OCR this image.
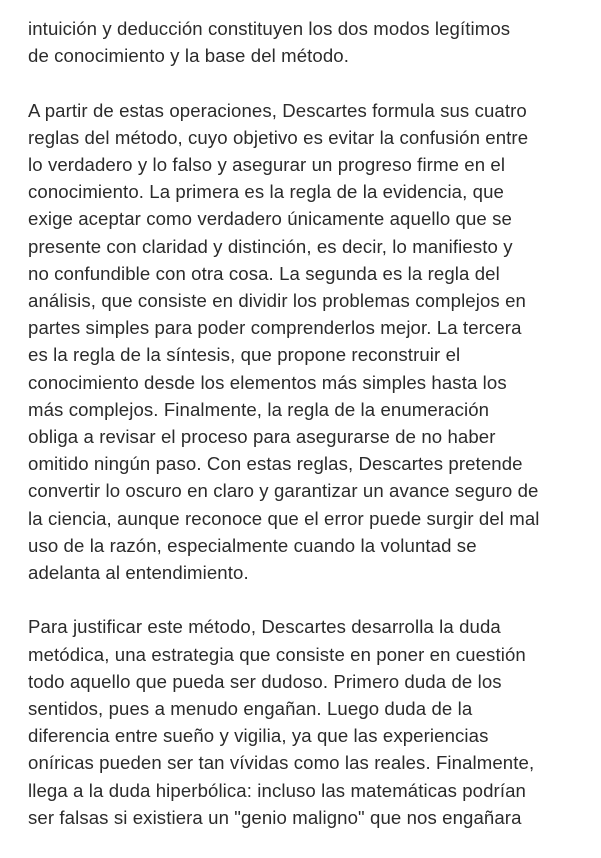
intuición y deducción constituyen los dos modos legítimos
de conocimiento y la base del método.

A partir de estas operaciones, Descartes formula sus cuatro
reglas del método, cuyo objetivo es evitar la confusión entre
lo verdadero y lo falso y asegurar un progreso firme en el
conocimiento. La primera es la regla de la evidencia, que
exige aceptar como verdadero únicamente aquello que se
presente con claridad y distinción, es decir, lo manifiesto y
no confundible con otra cosa. La segunda es la regla del
análisis, que consiste en dividir los problemas complejos en
partes simples para poder comprenderlos mejor. La tercera
es la regla de la síntesis, que propone reconstruir el
conocimiento desde los elementos más simples hasta los
más complejos. Finalmente, la regla de la enumeración
obliga a revisar el proceso para asegurarse de no haber
omitido ningún paso. Con estas reglas, Descartes pretende
convertir lo oscuro en claro y garantizar un avance seguro de
la ciencia, aunque reconoce que el error puede surgir del mal
uso de la razón, especialmente cuando la voluntad se
adelanta al entendimiento.

Para justificar este método, Descartes desarrolla la duda
metódica, una estrategia que consiste en poner en cuestión
todo aquello que pueda ser dudoso. Primero duda de los
sentidos, pues a menudo engañan. Luego duda de la
diferencia entre sueño y vigilia, ya que las experiencias
oníricas pueden ser tan vívidas como las reales. Finalmente,
llega a la duda hiperbólica: incluso las matemáticas podrían
ser falsas si existiera un "genio maligno" que nos engañara
